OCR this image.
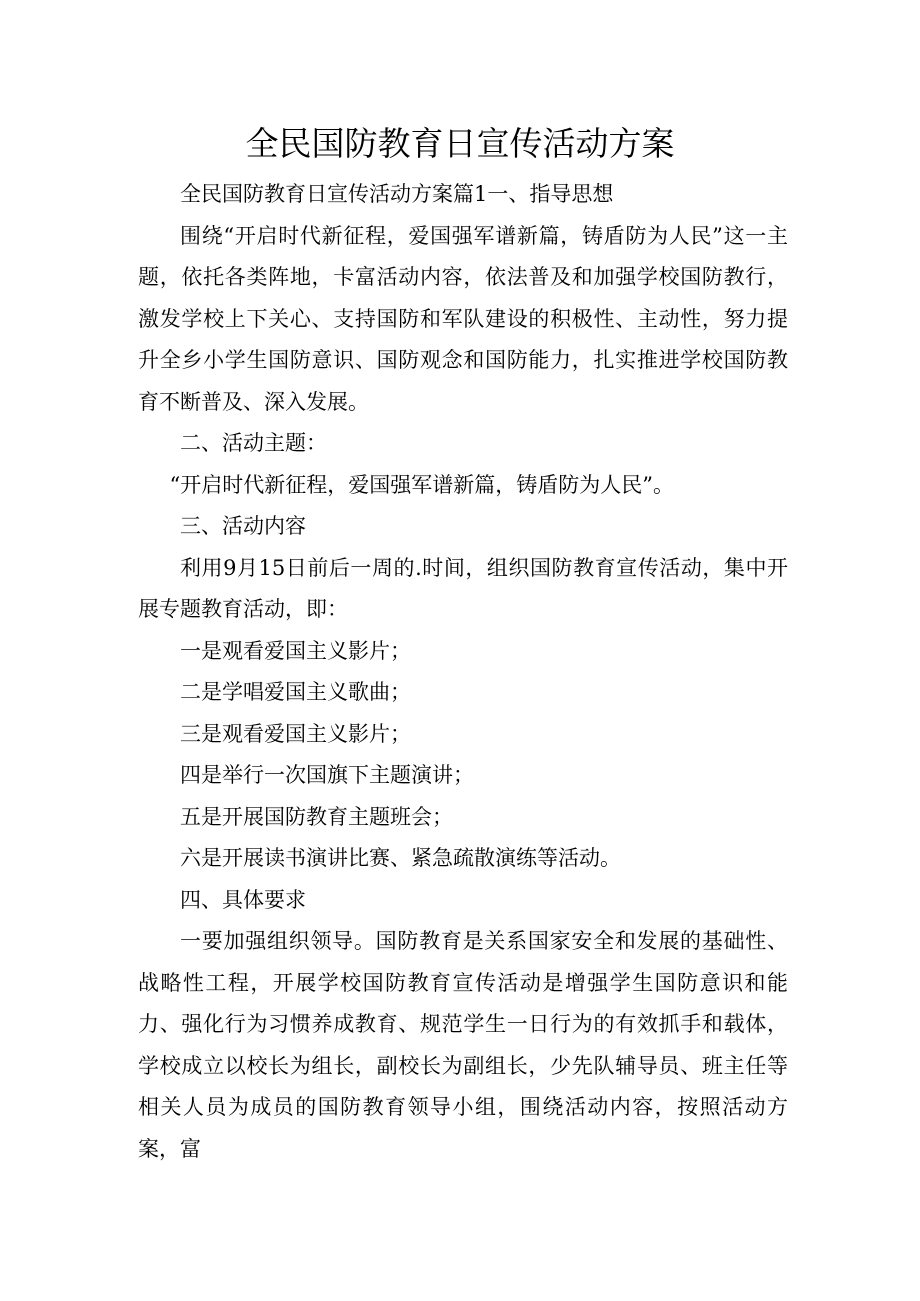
全民国防教育日宣传活动方案

全民国防教育日宣传活动方案篇1一、指导思想

围绕“开启时代新征程，爱国强军谱新篇，铸盾防为人民”这一主题，依托各类阵地，卡富活动内容，依法普及和加强学校国防教行，激发学校上下关心、支持国防和军队建设的积极性、主动性，努力提升全乡小学生国防意识、国防观念和国防能力，扎实推进学校国防教育不断普及、深入发展。

二、活动主题：

“开启时代新征程，爱国强军谱新篇，铸盾防为人民”。

三、活动内容

利用9月15日前后一周的.时间，组织国防教育宣传活动，集中开展专题教育活动，即：

一是观看爱国主义影片；

二是学唱爱国主义歌曲；

三是观看爱国主义影片；

四是举行一次国旗下主题演讲；

五是开展国防教育主题班会；

六是开展读书演讲比赛、紧急疏散演练等活动。

四、具体要求

一要加强组织领导。国防教育是关系国家安全和发展的基础性、战略性工程，开展学校国防教育宣传活动是增强学生国防意识和能力、强化行为习惯养成教育、规范学生一日行为的有效抓手和载体，学校成立以校长为组长，副校长为副组长，少先队辅导员、班主任等相关人员为成员的国防教育领导小组，围绕活动内容，按照活动方案，富
